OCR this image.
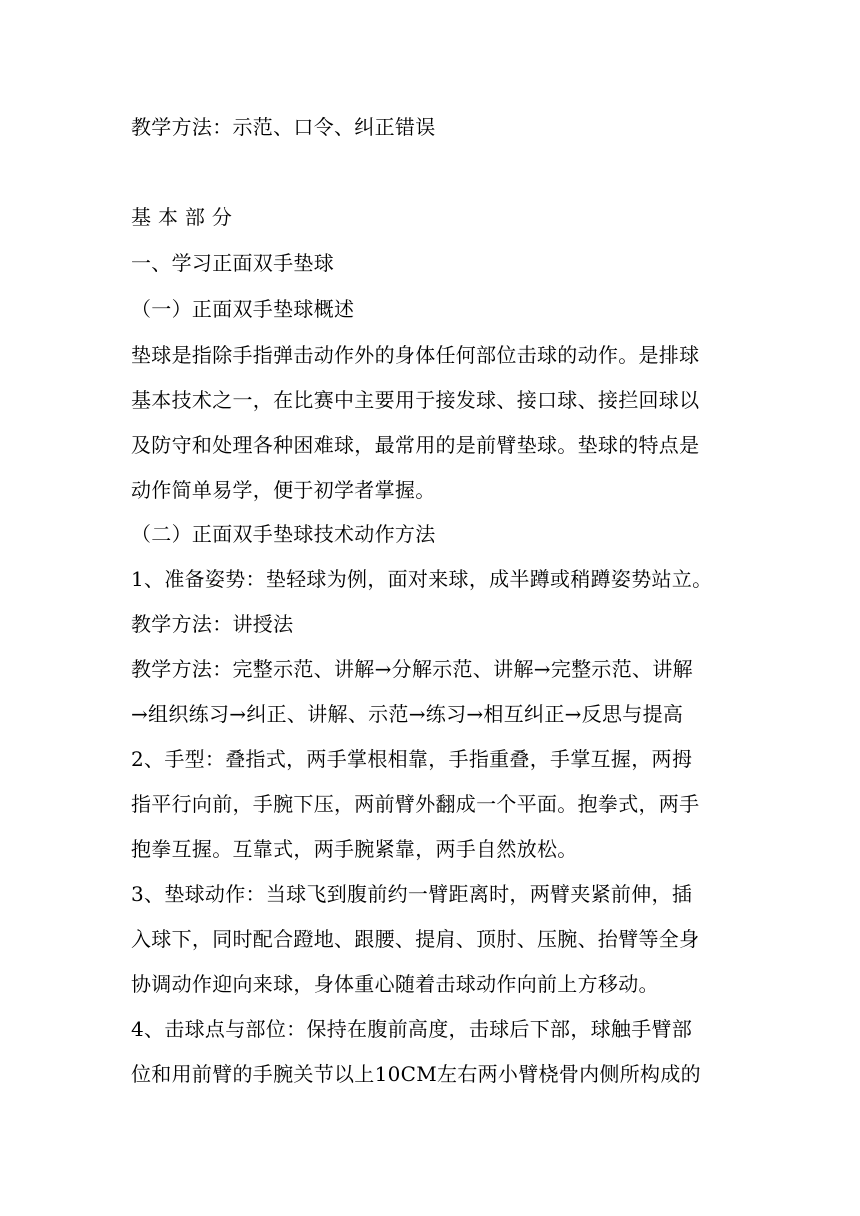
教学方法：示范、口令、纠正错误
基 本 部 分
一、学习正面双手垫球
（一）正面双手垫球概述
垫球是指除手指弹击动作外的身体任何部位击球的动作。是排球
基本技术之一，在比赛中主要用于接发球、接口球、接拦回球以
及防守和处理各种困难球，最常用的是前臂垫球。垫球的特点是
动作简单易学，便于初学者掌握。
（二）正面双手垫球技术动作方法
1、准备姿势：垫轻球为例，面对来球，成半蹲或稍蹲姿势站立。
教学方法：讲授法
教学方法：完整示范、讲解→分解示范、讲解→完整示范、讲解
→组织练习→纠正、讲解、示范→练习→相互纠正→反思与提高
2、手型：叠指式，两手掌根相靠，手指重叠，手掌互握，两拇
指平行向前，手腕下压，两前臂外翻成一个平面。抱拳式，两手
抱拳互握。互靠式，两手腕紧靠，两手自然放松。
3、垫球动作：当球飞到腹前约一臂距离时，两臂夹紧前伸，插
入球下，同时配合蹬地、跟腰、提肩、顶肘、压腕、抬臂等全身
协调动作迎向来球，身体重心随着击球动作向前上方移动。
4、击球点与部位：保持在腹前高度，击球后下部，球触手臂部
位和用前臂的手腕关节以上10CM左右两小臂桡骨内侧所构成的
